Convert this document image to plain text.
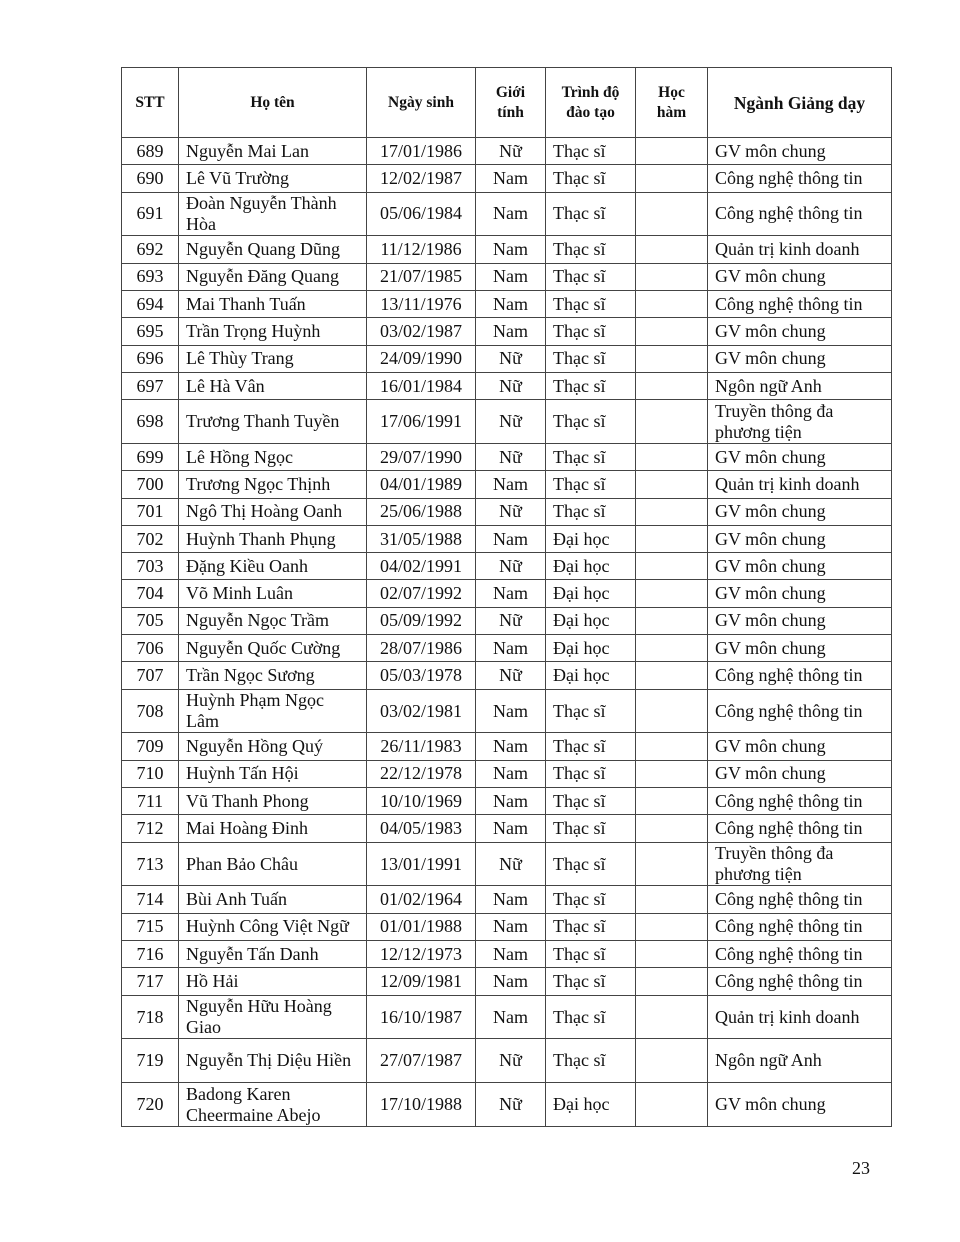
STT	Họ tên	Ngày sinh	Giới tính	Trình độ đào tạo	Học hàm	Ngành Giảng dạy
689	Nguyễn Mai Lan	17/01/1986	Nữ	Thạc sĩ		GV môn chung
690	Lê Vũ Trường	12/02/1987	Nam	Thạc sĩ		Công nghệ thông tin
691	Đoàn Nguyễn Thành Hòa	05/06/1984	Nam	Thạc sĩ		Công nghệ thông tin
692	Nguyễn Quang Dũng	11/12/1986	Nam	Thạc sĩ		Quản trị kinh doanh
693	Nguyễn Đăng Quang	21/07/1985	Nam	Thạc sĩ		GV môn chung
694	Mai Thanh Tuấn	13/11/1976	Nam	Thạc sĩ		Công nghệ thông tin
695	Trần Trọng Huỳnh	03/02/1987	Nam	Thạc sĩ		GV môn chung
696	Lê Thùy Trang	24/09/1990	Nữ	Thạc sĩ		GV môn chung
697	Lê Hà Vân	16/01/1984	Nữ	Thạc sĩ		Ngôn ngữ Anh
698	Trương Thanh Tuyền	17/06/1991	Nữ	Thạc sĩ		Truyền thông đa phương tiện
699	Lê Hồng Ngọc	29/07/1990	Nữ	Thạc sĩ		GV môn chung
700	Trương Ngọc Thịnh	04/01/1989	Nam	Thạc sĩ		Quản trị kinh doanh
701	Ngô Thị Hoàng Oanh	25/06/1988	Nữ	Thạc sĩ		GV môn chung
702	Huỳnh Thanh Phụng	31/05/1988	Nam	Đại học		GV môn chung
703	Đặng Kiều Oanh	04/02/1991	Nữ	Đại học		GV môn chung
704	Võ Minh Luân	02/07/1992	Nam	Đại học		GV môn chung
705	Nguyễn Ngọc Trầm	05/09/1992	Nữ	Đại học		GV môn chung
706	Nguyễn Quốc Cường	28/07/1986	Nam	Đại học		GV môn chung
707	Trần Ngọc Sương	05/03/1978	Nữ	Đại học		Công nghệ thông tin
708	Huỳnh Phạm Ngọc Lâm	03/02/1981	Nam	Thạc sĩ		Công nghệ thông tin
709	Nguyễn Hồng Quý	26/11/1983	Nam	Thạc sĩ		GV môn chung
710	Huỳnh Tấn Hội	22/12/1978	Nam	Thạc sĩ		GV môn chung
711	Vũ Thanh Phong	10/10/1969	Nam	Thạc sĩ		Công nghệ thông tin
712	Mai Hoàng Đinh	04/05/1983	Nam	Thạc sĩ		Công nghệ thông tin
713	Phan Bảo Châu	13/01/1991	Nữ	Thạc sĩ		Truyền thông đa phương tiện
714	Bùi Anh Tuấn	01/02/1964	Nam	Thạc sĩ		Công nghệ thông tin
715	Huỳnh Công Việt Ngữ	01/01/1988	Nam	Thạc sĩ		Công nghệ thông tin
716	Nguyễn Tấn Danh	12/12/1973	Nam	Thạc sĩ		Công nghệ thông tin
717	Hồ Hải	12/09/1981	Nam	Thạc sĩ		Công nghệ thông tin
718	Nguyễn Hữu Hoàng Giao	16/10/1987	Nam	Thạc sĩ		Quản trị kinh doanh
719	Nguyễn Thị Diệu Hiền	27/07/1987	Nữ	Thạc sĩ		Ngôn ngữ Anh
720	Badong Karen Cheermaine Abejo	17/10/1988	Nữ	Đại học		GV môn chung
23
